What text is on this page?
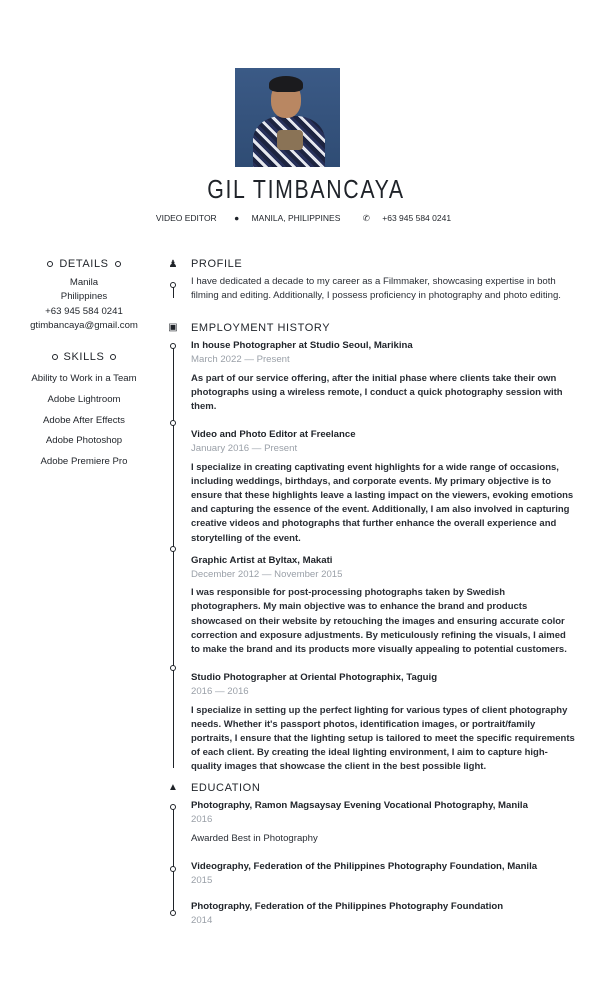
GIL TIMBANCAYA
VIDEO EDITOR ● MANILA, PHILIPPINES	✆ +63 945 584 0241
DETAILS
Manila
Philippines
+63 945 584 0241
gtimbancaya@gmail.com
SKILLS
Ability to Work in a Team
Adobe Lightroom
Adobe After Effects
Adobe Photoshop
Adobe Premiere Pro
♟ PROFILE
I have dedicated a decade to my career as a Filmmaker, showcasing expertise in both filming and editing. Additionally, I possess proficiency in photography and photo editing.
▣ EMPLOYMENT HISTORY
In house Photographer at Studio Seoul, Marikina
March 2022 — Present
As part of our service offering, after the initial phase where clients take their own photographs using a wireless remote, I conduct a quick photography session with them.
Video and Photo Editor at Freelance
January 2016 — Present
I specialize in creating captivating event highlights for a wide range of occasions, including weddings, birthdays, and corporate events. My primary objective is to ensure that these highlights leave a lasting impact on the viewers, evoking emotions and capturing the essence of the event. Additionally, I am also involved in capturing creative videos and photographs that further enhance the overall experience and storytelling of the event.
Graphic Artist at Byltax, Makati
December 2012 — November 2015
I was responsible for post-processing photographs taken by Swedish photographers. My main objective was to enhance the brand and products showcased on their website by retouching the images and ensuring accurate color correction and exposure adjustments. By meticulously refining the visuals, I aimed to make the brand and its products more visually appealing to potential customers.
Studio Photographer at Oriental Photographix, Taguig
2016 — 2016
I specialize in setting up the perfect lighting for various types of client photography needs. Whether it's passport photos, identification images, or portrait/family portraits, I ensure that the lighting setup is tailored to meet the specific requirements of each client. By creating the ideal lighting environment, I aim to capture high-quality images that showcase the client in the best possible light.
▲ EDUCATION
Photography, Ramon Magsaysay Evening Vocational Photography, Manila
2016
Awarded Best in Photography
Videography, Federation of the Philippines Photography Foundation, Manila
2015
Photography, Federation of the Philippines Photography Foundation
2014
